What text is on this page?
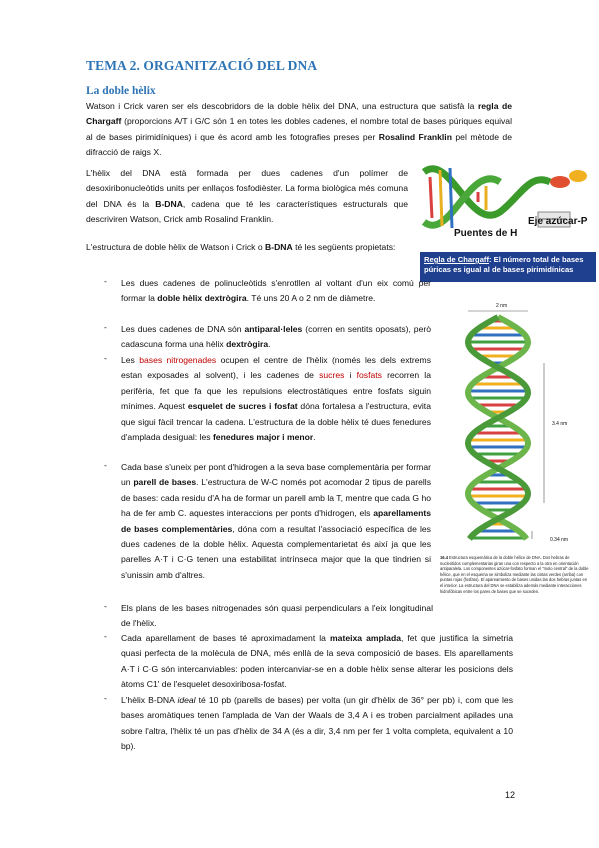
TEMA 2. ORGANITZACIÓ DEL DNA
La doble hèlix
Watson i Crick varen ser els descobridors de la doble hèlix del DNA, una estructura que satisfà la regla de Chargaff (proporcions A/T i G/C són 1 en totes les dobles cadenes, el nombre total de bases púriques equival al de bases pirimidíniques) i que és acord amb les fotografies preses per Rosalind Franklin pel mètode de difracció de raigs X.
L'hèlix del DNA està formada per dues cadenes d'un polímer de desoxiribonucleòtids units per enllaços fosfodièster. La forma biològica més comuna del DNA és la B-DNA, cadena que té les característiques estructurals que descriviren Watson, Crick amb Rosalind Franklin.
L'estructura de doble hèlix de Watson i Crick o B-DNA té les següents propietats:
Eje azúcar-P
Puentes de H
Regla de Chargaff: El número total de bases púricas es igual al de bases pirimidínicas
2 nm
3.4 nm
0.34 nm
16.4 Estructura esquemática de la doble hélice de DNA. Dos hebras de nucleótidos complementarias giran una con respecto a la otra en orientación antiparalela. Los componentes azúcar-fosfato forman el "molo central" de la doble hélice, que en el esquema se simboliza mediante las cintas verdes (arriba) con puntas rojas (fosfato). El apareamiento de bases unidas las dos hebras juntas en el interior. La estructura del DNA se estabiliza además mediante interacciones hidrofóbicas entre los pares de bases que se suceden.
- Les dues cadenes de polinucleòtids s'enrotllen al voltant d'un eix comú per formar la doble hèlix dextrògira. Té uns 20 A o 2 nm de diàmetre.
- Les dues cadenes de DNA són antiparal·leles (corren en sentits oposats), però cadascuna forma una hèlix dextrògira.
- Les bases nitrogenades ocupen el centre de l'hèlix (només les dels extrems estan exposades al solvent), i les cadenes de sucres i fosfats recorren la perifèria, fet que fa que les repulsions electrostàtiques entre fosfats siguin mínimes. Aquest esquelet de sucres i fosfat dóna fortalesa a l'estructura, evita que sigui fàcil trencar la cadena. L'estructura de la doble hèlix té dues fenedures d'amplada desigual: les fenedures major i menor.
- Cada base s'uneix per pont d'hidrogen a la seva base complementària per formar un parell de bases. L'estructura de W-C només pot acomodar 2 tipus de parells de bases: cada residu d'A ha de formar un parell amb la T, mentre que cada G ho ha de fer amb C. aquestes interaccions per ponts d'hidrogen, els aparellaments de bases complementàries, dóna com a resultat l'associació específica de les dues cadenes de la doble hèlix. Aquesta complementarietat és així ja que les parelles A·T i C·G tenen una estabilitat intrínseca major que la que tindrien si s'unissin amb d'altres.
- Els plans de les bases nitrogenades són quasi perpendiculars a l'eix longitudinal de l'hèlix.
- Cada aparellament de bases té aproximadament la mateixa amplada, fet que justifica la simetria quasi perfecta de la molècula de DNA, més enllà de la seva composició de bases. Els aparellaments A·T i C·G són intercanviables: poden intercanviar-se en a doble hèlix sense alterar les posicions dels àtoms C1' de l'esquelet desoxiribosa-fosfat.
- L'hèlix B-DNA ideal té 10 pb (parells de bases) per volta (un gir d'hèlix de 36° per pb) i, com que les bases aromàtiques tenen l'amplada de Van der Waals de 3,4 A i es troben parcialment apilades una sobre l'altra, l'hèlix té un pas d'hèlix de 34 A (és a dir, 3,4 nm per fer 1 volta completa, equivalent a 10 bp).
12
